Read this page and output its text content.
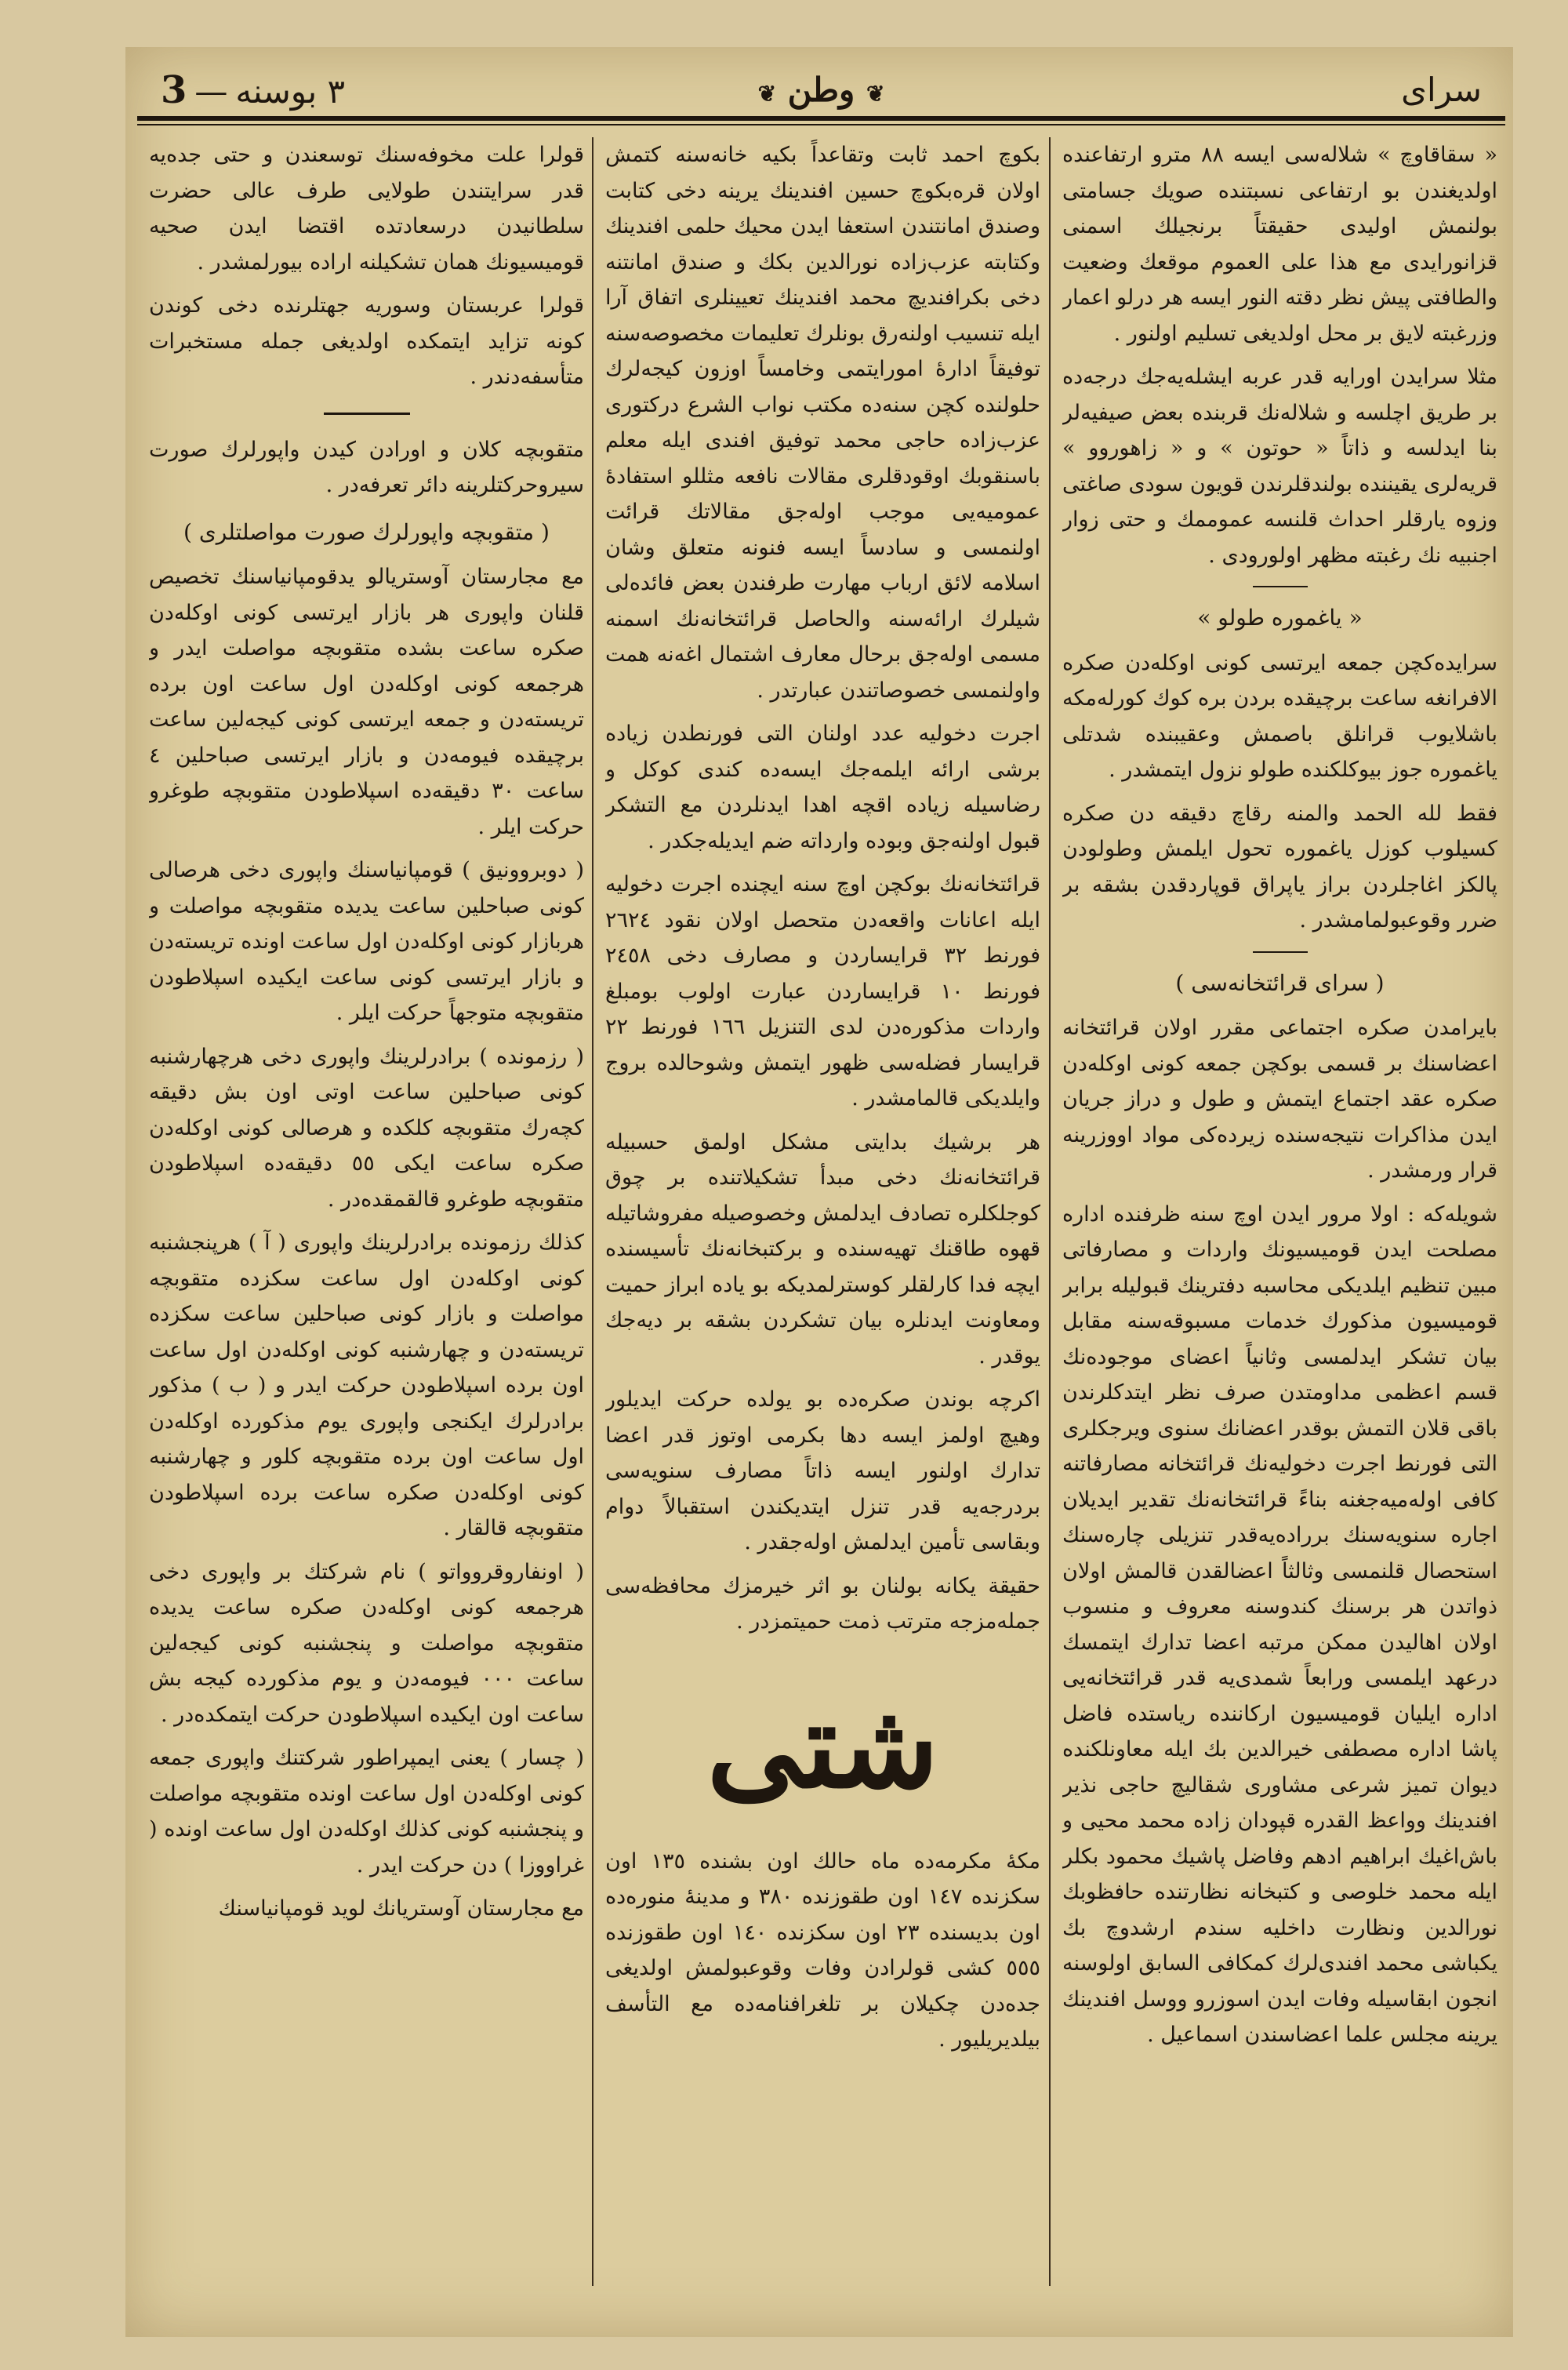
سرای
❦ وطن ❦
3 —	٣ بوسنه

« سقاقاوچ » شلاله‌سی ایسه ٨٨ مترو ارتفاعنده اولدیغندن بو ارتفاعی نسبتنده صویك جسامتی بولنمش اولیدی حقیقتاً برنجیلك اسمنی قزانورایدی مع هذا علی العموم موقعك وضعیت والطافتی پیش نظر دقته النور ایسه هر درلو اعمار وزرغبته لایق بر محل اولدیغی تسلیم اولنور .

مثلا سرایدن اورایه قدر عربه ایشله‌یه‌جك درجه‌ده بر طریق اچلسه و شلاله‌نك قربنده بعض صیفیه‌لر بنا ایدلسه و ذاتاً « حوتون » و « زاهوروو » قریه‌لری یقیننده بولندقلرندن قویون سودی صاغتی وزوه یارقلر احداث قلنسه عموممك و حتی زوار اجنبیه نك رغبته مظهر اولورودی .

« یاغموره طولو »

سرایده‌کچن جمعه ایرتسی کونی اوکله‌دن صکره الافرانغه ساعت برچیقده بردن بره کوك کورله‌مکه باشلایوب قرانلق باصمش وعقیبنده شدتلی یاغموره جوز بیوکلکنده طولو نزول ایتمشدر .

فقط لله الحمد والمنه رقاچ دقیقه دن صکره کسیلوب کوزل یاغموره تحول ایلمش وطولودن پالکز اغاجلردن براز یاپراق قوپاردقدن بشقه بر ضرر وقوعبولمامشدر .

( سرای قرائتخانه‌سی )

بایرامدن صکره اجتماعی مقرر اولان قرائتخانه اعضاسنك بر قسمی بوکچن جمعه کونی اوکله‌دن صکره عقد اجتماع ایتمش و طول و دراز جریان ایدن مذاکرات نتیجه‌سنده زیرده‌کی مواد اووزرینه قرار ورمشدر .

شویله‌که : اولا مرور ایدن اوچ سنه ظرفنده اداره مصلحت ایدن قومیسیونك واردات و مصارفاتی مبین تنظیم ایلدیکی محاسبه دفترینك قبولیله برابر قومیسیون مذکورك خدمات مسبوقه‌سنه مقابل بیان تشکر ایدلمسی وثانیاً اعضای موجوده‌نك قسم اعظمی مداومتدن صرف نظر ایتدکلرندن باقی قلان التمش بوقدر اعضانك سنوی ویرجکلری التی فورنط اجرت دخولیه‌نك قرائتخانه مصارفاتنه کافی اوله‌میه‌جغنه بناءً قرائتخانه‌نك تقدیر ایدیلان اجاره سنویه‌سنك برراده‌یه‌قدر تنزیلی چاره‌سنك استحصال قلنمسی وثالثاً اعضالقدن قالمش اولان ذواتدن هر برسنك کندوسنه معروف و منسوب اولان اهالیدن ممکن مرتبه اعضا تدارك ایتمسك درعهد ایلمسی ورابعاً شمدی‌یه قدر قرائتخانه‌یی اداره ایلیان قومیسیون ارکاننده ریاستده فاضل پاشا اداره مصطفی خیرالدین بك ایله معاونلکنده دیوان تمیز شرعی مشاوری شقالیچ حاجی نذیر افندینك وواعظ القدره قپودان زاده محمد محیی و باش‌اغیك ابراهیم ادهم وفاضل پاشیك محمود بکلر ایله محمد خلوصی و کتبخانه نظارتنده حافظوبك نورالدین ونظارت داخلیه‌ سندم ارشدوچ بك یکباشی محمد افندی‌لرك کمکافی السابق اولوسنه انجون ابقاسیله وفات ایدن اسوزرو ووسل افندینك یرینه مجلس علما اعضاسندن اسماعیل .

بکوچ احمد ثابت وتقاعداً بکیه خانه‌سنه کتمش اولان قره‌بکوچ حسین افندینك یرینه دخی کتابت وصندق امانتندن استعفا ایدن محیك حلمی افندینك وکتابته عزب‌زاده نورالدین بکك و صندق امانتنه دخی بکرافندیچ محمد افندینك تعیینلری اتفاق آرا ایله تنسیب اولنه‌رق بونلرك تعلیمات مخصوصه‌سنه توفیقاً اداره‌ٔ امورایتمی وخامساً اوزون کیجه‌لرك حلولنده کچن سنه‌ده مکتب نواب الشرع درکتوری عزب‌زاده حاجی محمد توفیق افندی ایله معلم باسنقوبك اوقودقلری مقالات نافعه مثللو استفاده‌ٔ عمومیه‌یی موجب اوله‌جق مقالاتك قرائت اولنمسی و سادساً ایسه فنونه متعلق وشان اسلامه لائق ارباب مهارت طرفندن بعض فائده‌لی شیلرك ارائه‌سنه والحاصل قرائتخانه‌نك اسمنه‌ مسمی اوله‌جق برحال معارف اشتمال اغه‌نه همت واولنمسی خصوصاتندن عبارتدر .

اجرت دخولیه عدد اولنان التی فورنطدن زیاده برشی ارائه ایلمه‌جك ایسه‌ده کندی کوکل و رضاسیله زیاده اقچه اهدا ایدنلردن مع التشکر قبول اولنه‌جق وبوده وارداته ضم ایدیله‌جکدر .

قرائتخانه‌نك بوکچن اوچ سنه ایچنده اجرت دخولیه ایله اعانات واقعه‌دن متحصل اولان نقود ٢٦٢٤ فورنط ٣٢ قرایساردن و مصارف دخی ٢٤٥٨ فورنط ١٠ قرایساردن عبارت اولوب بومبلغ واردات مذکوره‌دن لدی التنزیل ١٦٦ فورنط ٢٢ قرایسار فضله‌سی ظهور ایتمش وشوحالده بروج وایلدیکی قالمامشدر .

هر برشیك بدایتی مشکل اولمق حسبیله قرائتخانه‌نك دخی مبدأ تشکیلاتنده بر چوق کوجلکلره تصادف ایدلمش وخصوصیله مفروشاتیله قهوه طاقنك تهیه‌سنده و برکتبخانه‌نك تأسیسنده ایچه فدا کارلقلر کوسترلمدیکه بو یاده ابراز حمیت ومعاونت ایدنلره بیان تشکردن بشقه بر دیه‌جك یوقدر .

اکرچه بوندن صکره‌ده بو یولده حرکت ایدیلور وهیچ اولمز ایسه دها بکرمی اوتوز قدر اعضا تدارك اولنور ایسه ذاتاً مصارف سنویه‌سی بردرجه‌یه قدر تنزل ایتدیکندن استقبالاً دوام وبقاسی تأمین ایدلمش اوله‌جقدر .

حقیقة یکانه بولنان بو اثر خیرمزك محافظه‌سی جمله‌مزجه مترتب ذمت حمیتمزدر .

شتی

مکهٔ مکرمه‌ده ماه حالك اون بشنده ١٣٥ اون سکزنده ١٤٧ اون طقوزنده ٣٨٠ و مدینهٔ منوره‌ده اون بدیسنده ٢٣ اون سکزنده ١٤٠ اون طقوزنده ٥٥٥ کشی قولرادن وفات وقوعبولمش اولدیغی جده‌دن چکیلان بر تلغرافنامه‌ده مع التأسف بیلدیریلیور .

قولرا علت مخوفه‌سنك توسعندن و حتی جده‌یه قدر سرایتندن طولایی طرف عالی حضرت سلطانیدن درسعادتده اقتضا ایدن صحیه قومیسیونك همان تشکیلنه اراده بیورلمشدر .

قولرا عربستان وسوریه جهتلرنده دخی کوندن کونه تزاید ایتمکده اولدیغی جمله مستخبرات متأسفه‌دندر .

متقوبچه کلان و اورادن کیدن واپورلرك صورت سیروحرکتلرینه دائر تعرفه‌در .

( متقوبچه واپورلرك صورت مواصلتلری )

مع مجارستان آوستریالو یدقومپانیاسنك تخصیص قلنان واپوری هر بازار ایرتسی کونی اوکله‌دن صکره ساعت بشده متقوبچه مواصلت ایدر و هرجمعه کونی اوکله‌دن اول ساعت اون برده تریسته‌دن و جمعه ایرتسی کونی کیجه‌لین ساعت برچیقده فیومه‌دن و بازار ایرتسی صباحلین ٤ ساعت ٣٠ دقیقه‌ده اسپلاطودن متقوبچه طوغرو حرکت ایلر .

( دوبروونیق ) قومپانیاسنك واپوری دخی هرصالی کونی صباحلین ساعت یدیده متقوبچه مواصلت و هربازار کونی اوکله‌دن اول ساعت اونده تریسته‌دن و بازار ایرتسی کونی ساعت ایکیده اسپلاطودن متقوبچه متوجهاً حرکت ایلر .

( رزمونده ) برادرلرینك واپوری دخی هرچهارشنبه کونی صباحلین ساعت اوتی اون بش دقیقه کچه‌رك متقوبچه کلکده و هرصالی کونی اوکله‌دن صکره ساعت ایکی ٥٥ دقیقه‌ده اسپلاطودن متقوبچه طوغرو قالقمقده‌در .

کذلك رزمونده برادرلرینك واپوری ( آ ) هرپنجشنبه کونی اوکله‌دن اول ساعت سکزده متقوبچه مواصلت و بازار کونی صباحلین ساعت سکزده تریسته‌دن و چهارشنبه کونی اوکله‌دن اول ساعت اون برده اسپلاطودن حرکت ایدر و ( ب ) مذکور برادرلرك ایکنجی واپوری یوم مذکورده اوکله‌دن اول ساعت اون برده متقوبچه کلور و چهارشنبه کونی اوکله‌دن صکره ساعت برده اسپلاطودن متقوبچه قالقار .

( اونفاروقروواتو ) نام شرکتك بر واپوری دخی هرجمعه کونی اوکله‌دن صکره ساعت یدیده متقوبچه مواصلت و پنجشنبه کونی کیجه‌لین ساعت ٠٠٠ فیومه‌دن و یوم مذکورده کیجه بش ساعت اون ایکیده اسپلاطودن حرکت ایتمکده‌در .

( چسار ) یعنی ایمپراطور شرکتنك واپوری جمعه کونی اوکله‌دن اول ساعت اونده متقوبچه مواصلت و پنجشنبه کونی کذلك اوکله‌دن اول ساعت اونده ( غراووزا ) دن حرکت ایدر .

مع مجارستان آوستریانك لوید قومپانیاسنك
